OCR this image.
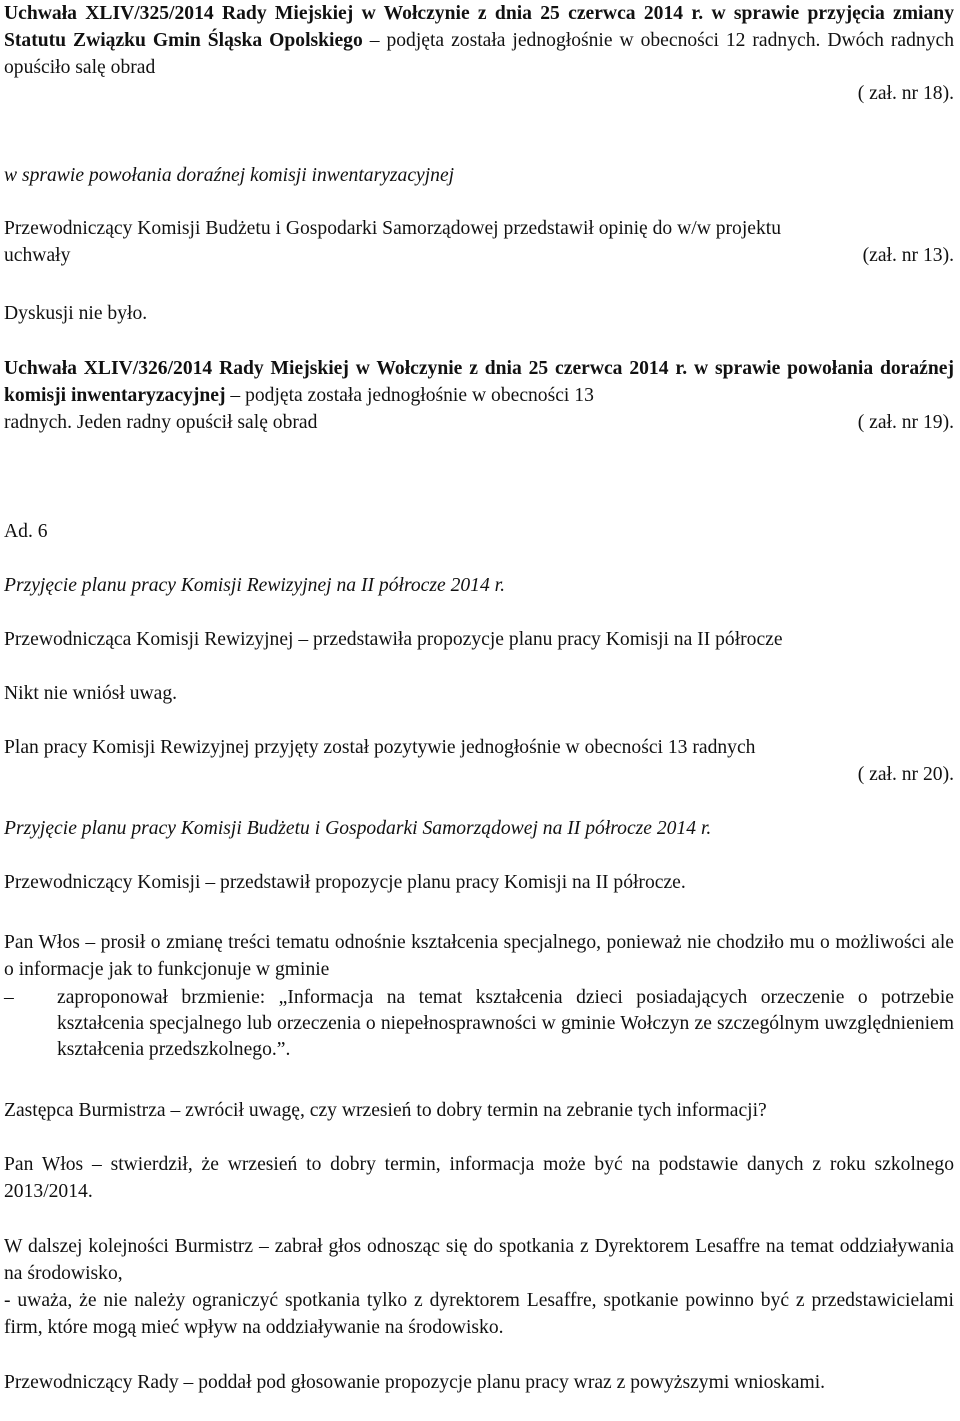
Uchwała XLIV/325/2014 Rady Miejskiej w Wołczynie z dnia 25 czerwca 2014 r. w sprawie przyjęcia zmiany Statutu Związku Gmin Śląska Opolskiego – podjęta została jednogłośnie w obecności 12 radnych. Dwóch radnych opuściło salę obrad
( zał. nr 18).
w sprawie powołania doraźnej komisji inwentaryzacyjnej
Przewodniczący Komisji Budżetu i Gospodarki Samorządowej przedstawił opinię do w/w projektu
uchwały	(zał. nr 13).
Dyskusji nie było.
Uchwała XLIV/326/2014 Rady Miejskiej w Wołczynie z dnia 25 czerwca 2014 r. w sprawie powołania doraźnej komisji inwentaryzacyjnej – podjęta została jednogłośnie w obecności 13
radnych. Jeden radny opuścił salę obrad	( zał. nr 19).
Ad. 6
Przyjęcie planu pracy Komisji Rewizyjnej na II półrocze 2014 r.
Przewodnicząca Komisji Rewizyjnej – przedstawiła propozycje planu pracy Komisji na II półrocze
Nikt nie wniósł uwag.
Plan pracy Komisji Rewizyjnej przyjęty został pozytywie jednogłośnie w obecności 13 radnych
( zał. nr 20).
Przyjęcie planu pracy Komisji Budżetu i Gospodarki Samorządowej na II półrocze 2014 r.
Przewodniczący Komisji – przedstawił propozycje planu pracy Komisji na II półrocze.
Pan Włos – prosił o zmianę treści tematu odnośnie kształcenia specjalnego, ponieważ nie chodziło mu o możliwości ale o informacje jak to funkcjonuje w gminie
–	zaproponował brzmienie: „Informacja na temat kształcenia dzieci posiadających orzeczenie o potrzebie kształcenia specjalnego lub orzeczenia o niepełnosprawności w gminie Wołczyn ze szczególnym uwzględnieniem kształcenia przedszkolnego.”.
Zastępca Burmistrza – zwrócił uwagę, czy wrzesień to dobry termin na zebranie tych informacji?
Pan Włos – stwierdził, że wrzesień to dobry termin, informacja może być na podstawie danych z roku szkolnego 2013/2014.
W dalszej kolejności Burmistrz – zabrał głos odnosząc się do spotkania z Dyrektorem Lesaffre na temat oddziaływania na środowisko,
- uważa, że nie należy ograniczyć spotkania tylko z dyrektorem Lesaffre, spotkanie powinno być z przedstawicielami firm, które mogą mieć wpływ na oddziaływanie na środowisko.
Przewodniczący Rady – poddał pod głosowanie propozycje planu pracy wraz z powyższymi wnioskami.
